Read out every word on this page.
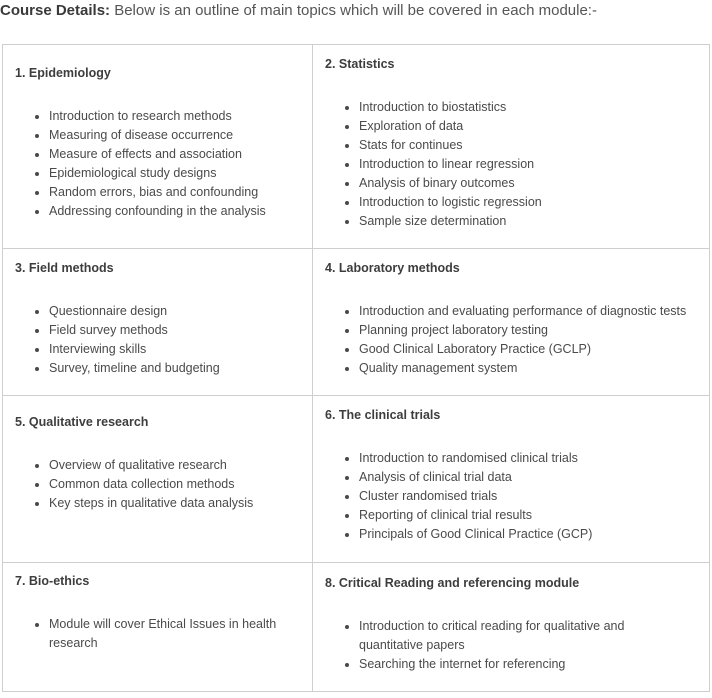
Course Details: Below is an outline of main topics which will be covered in each module:-
1. Epidemiology
Introduction to research methods
Measuring of disease occurrence
Measure of effects and association
Epidemiological study designs
Random errors, bias and confounding
Addressing confounding in the analysis
2. Statistics
Introduction to biostatistics
Exploration of data
Stats for continues
Introduction to linear regression
Analysis of binary outcomes
Introduction to logistic regression
Sample size determination
3. Field methods
Questionnaire design
Field survey methods
Interviewing skills
Survey, timeline and budgeting
4. Laboratory methods
Introduction and evaluating performance of diagnostic tests
Planning project laboratory testing
Good Clinical Laboratory Practice (GCLP)
Quality management system
5. Qualitative research
Overview of qualitative research
Common data collection methods
Key steps in qualitative data analysis
6. The clinical trials
Introduction to randomised clinical trials
Analysis of clinical trial data
Cluster randomised trials
Reporting of clinical trial results
Principals of Good Clinical Practice (GCP)
7. Bio-ethics
Module will cover Ethical Issues in health research
8. Critical Reading and referencing module
Introduction to critical reading for qualitative and quantitative papers
Searching the internet for referencing
